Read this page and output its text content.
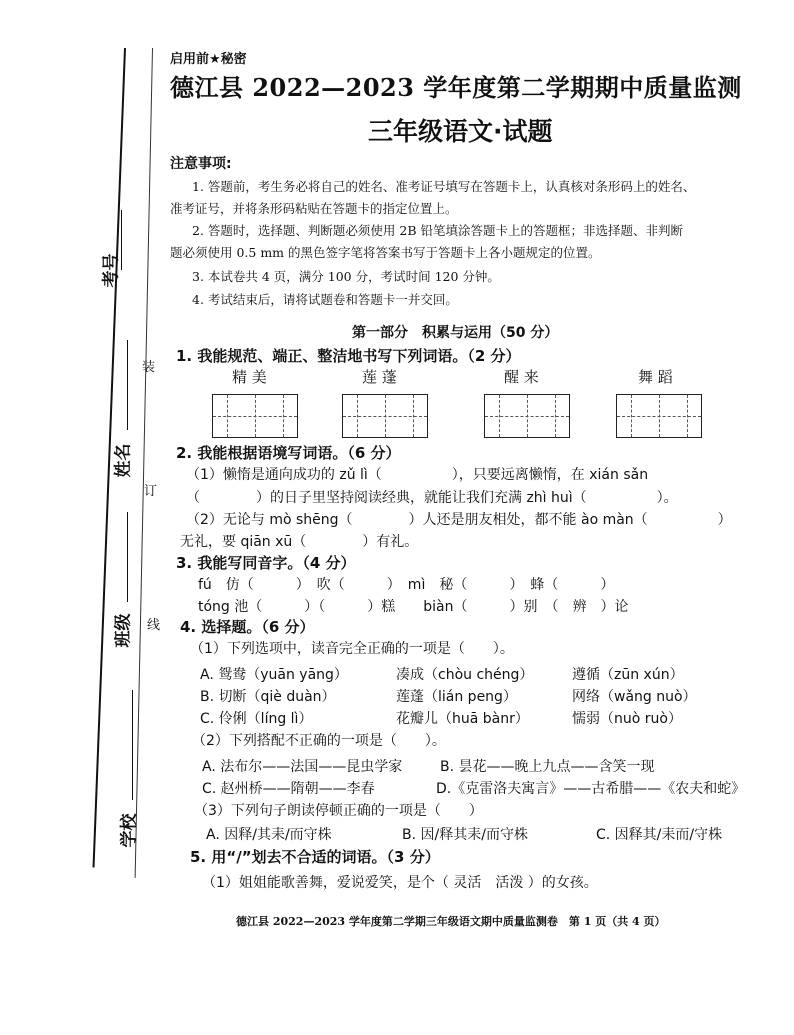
考号
姓名
班级
学校
装
订
线
启用前★秘密
德江县 2022—2023 学年度第二学期期中质量监测
三年级语文·试题
注意事项:
1. 答题前，考生务必将自己的姓名、准考证号填写在答题卡上，认真核对条形码上的姓名、
准考证号，并将条形码粘贴在答题卡的指定位置上。
2. 答题时，选择题、判断题必须使用 2B 铅笔填涂答题卡上的答题框；非选择题、非判断
题必须使用 0.5 mm 的黑色签字笔将答案书写于答题卡上各小题规定的位置。
3. 本试卷共 4 页，满分 100 分，考试时间 120 分钟。
4. 考试结束后，请将试题卷和答题卡一并交回。
第一部分　积累与运用（50 分）
1. 我能规范、端正、整洁地书写下列词语。（2 分）
精 美	莲 蓬	醒 来	舞 蹈
2. 我能根据语境写词语。（6 分）
（1）懒惰是通向成功的 zǔ lì（　　　　　），只要远离懒惰，在 xián sǎn
（　　　　）的日子里坚持阅读经典，就能让我们充满 zhì huì（　　　　　）。
（2）无论与 mò shēng（　　　　）人还是朋友相处，都不能 ào màn（　　　　　）
无礼，要 qiān xū（　　　　）有礼。
3. 我能写同音字。（4 分）
fú　仿（　　　）　吹（　　　）　mì　秘（　　　）　蜂（　　　）
tóng 池（　　　）（　　　）糕　　biàn（　　　）别　（　辨　）论
4. 选择题。（6 分）
（1）下列选项中，读音完全正确的一项是（　　）。
A. 鸳鸯（yuān yāng）	凑成（chòu chéng）	遵循（zūn xún）
B. 切断（qiè duàn）	莲蓬（lián peng）	网络（wǎng nuò）
C. 伶俐（líng lì）	花瓣儿（huā bànr）	懦弱（nuò ruò）
（2）下列搭配不正确的一项是（　　）。
A. 法布尔——法国——昆虫学家	B. 昙花——晚上九点——含笑一现
C. 赵州桥——隋朝——李春	D.《克雷洛夫寓言》——古希腊——《农夫和蛇》
（3）下列句子朗读停顿正确的一项是（　　）
A. 因释/其耒/而守株	B. 因/释其耒/而守株	C. 因释其/耒而/守株
5. 用“/”划去不合适的词语。（3 分）
（1）姐姐能歌善舞，爱说爱笑，是个（ 灵活　活泼 ）的女孩。
德江县 2022—2023 学年度第二学期三年级语文期中质量监测卷　第 1 页（共 4 页）
